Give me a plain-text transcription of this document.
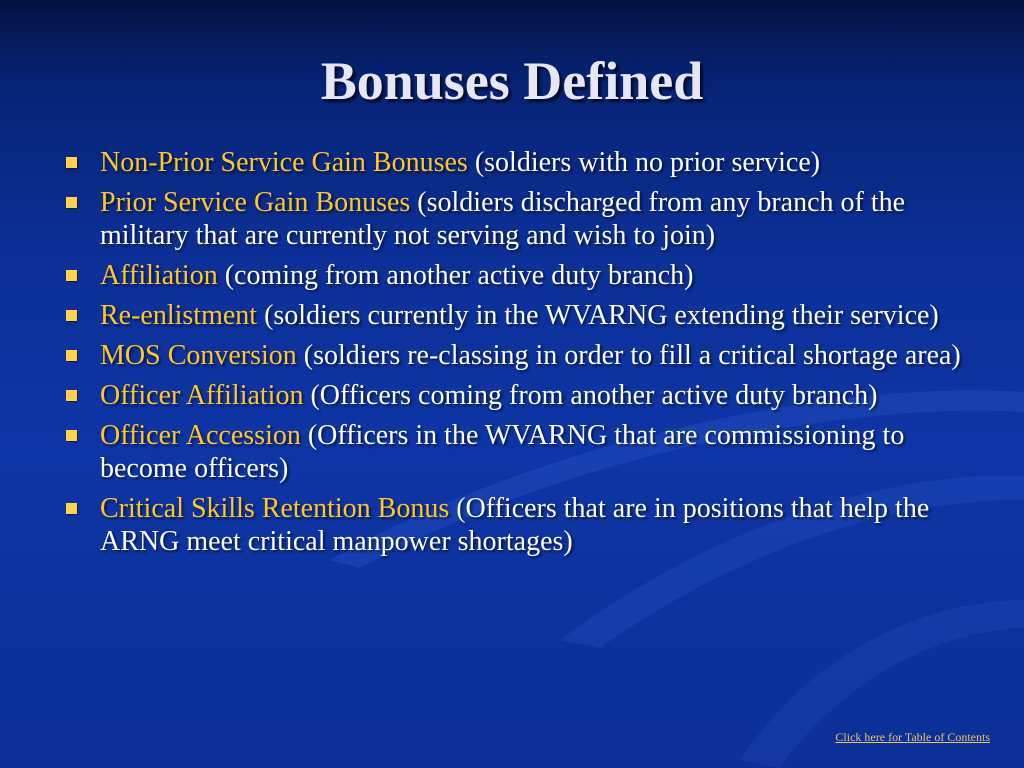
Bonuses Defined
Non-Prior Service Gain Bonuses (soldiers with no prior service)
Prior Service Gain Bonuses (soldiers discharged from any branch of the military that are currently not serving and wish to join)
Affiliation (coming from another active duty branch)
Re-enlistment (soldiers currently in the WVARNG extending their service)
MOS Conversion (soldiers re-classing in order to fill a critical shortage area)
Officer Affiliation (Officers coming from another active duty branch)
Officer Accession (Officers in the WVARNG that are commissioning to become officers)
Critical Skills Retention Bonus (Officers that are in positions that help the ARNG meet critical manpower shortages)
Click here for Table of Contents
